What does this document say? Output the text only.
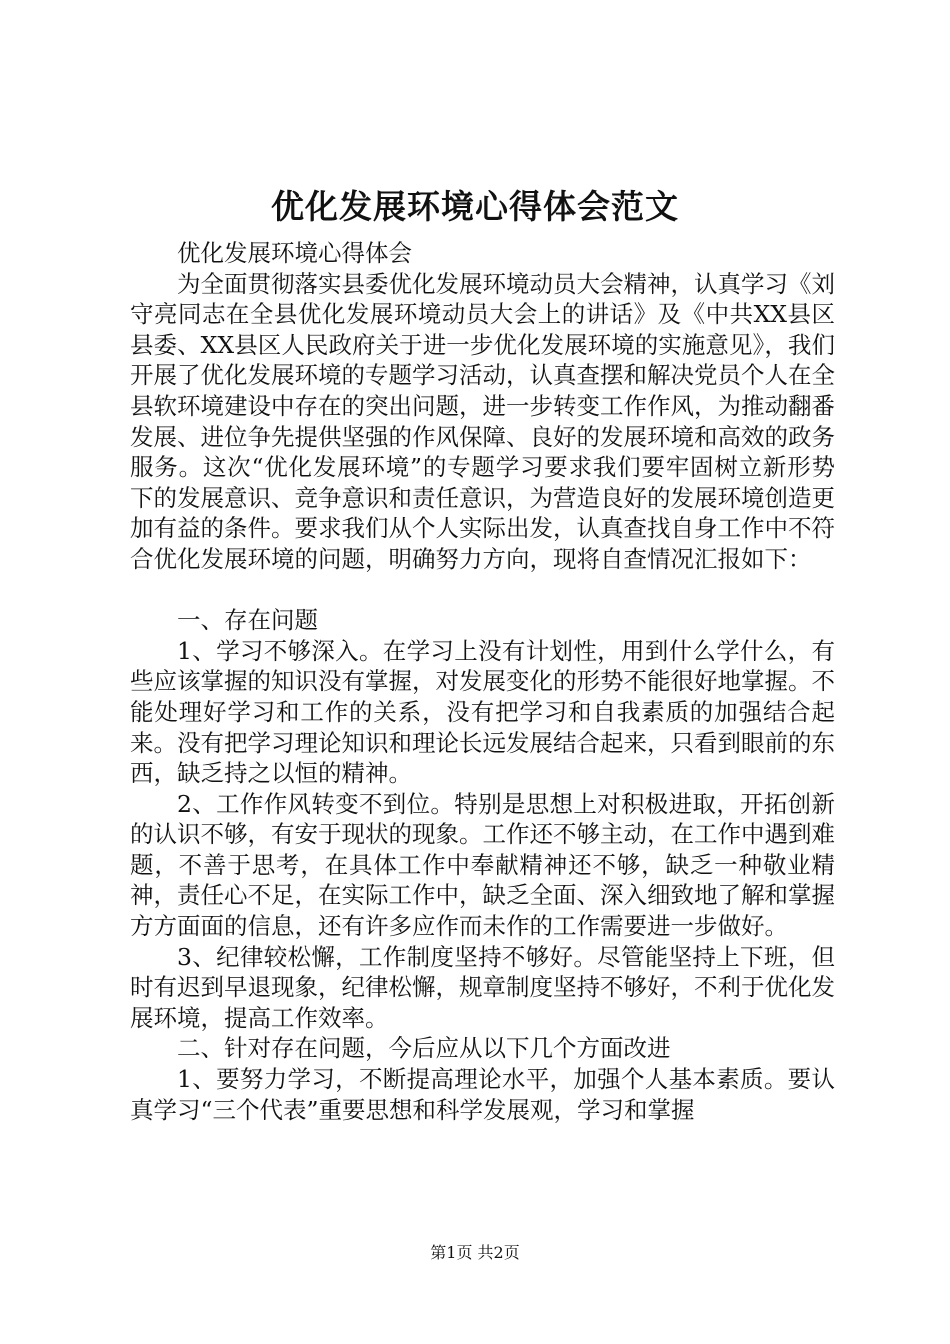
优化发展环境心得体会范文

优化发展环境心得体会

为全面贯彻落实县委优化发展环境动员大会精神，认真学习《刘守亮同志在全县优化发展环境动员大会上的讲话》及《中共XX县区县委、XX县区人民政府关于进一步优化发展环境的实施意见》，我们开展了优化发展环境的专题学习活动，认真查摆和解决党员个人在全县软环境建设中存在的突出问题，进一步转变工作作风，为推动翻番发展、进位争先提供坚强的作风保障、良好的发展环境和高效的政务服务。这次“优化发展环境”的专题学习要求我们要牢固树立新形势下的发展意识、竞争意识和责任意识，为营造良好的发展环境创造更加有益的条件。要求我们从个人实际出发，认真查找自身工作中不符合优化发展环境的问题，明确努力方向，现将自查情况汇报如下：

一、存在问题

1、学习不够深入。在学习上没有计划性，用到什么学什么，有些应该掌握的知识没有掌握，对发展变化的形势不能很好地掌握。不能处理好学习和工作的关系，没有把学习和自我素质的加强结合起来。没有把学习理论知识和理论长远发展结合起来，只看到眼前的东西，缺乏持之以恒的精神。

2、工作作风转变不到位。特别是思想上对积极进取，开拓创新的认识不够，有安于现状的现象。工作还不够主动，在工作中遇到难题，不善于思考，在具体工作中奉献精神还不够，缺乏一种敬业精神，责任心不足，在实际工作中，缺乏全面、深入细致地了解和掌握方方面面的信息，还有许多应作而未作的工作需要进一步做好。

3、纪律较松懈，工作制度坚持不够好。尽管能坚持上下班，但时有迟到早退现象，纪律松懈，规章制度坚持不够好，不利于优化发展环境，提高工作效率。

二、针对存在问题，今后应从以下几个方面改进

1、要努力学习，不断提高理论水平，加强个人基本素质。要认真学习“三个代表”重要思想和科学发展观，学习和掌握

第1页 共2页
